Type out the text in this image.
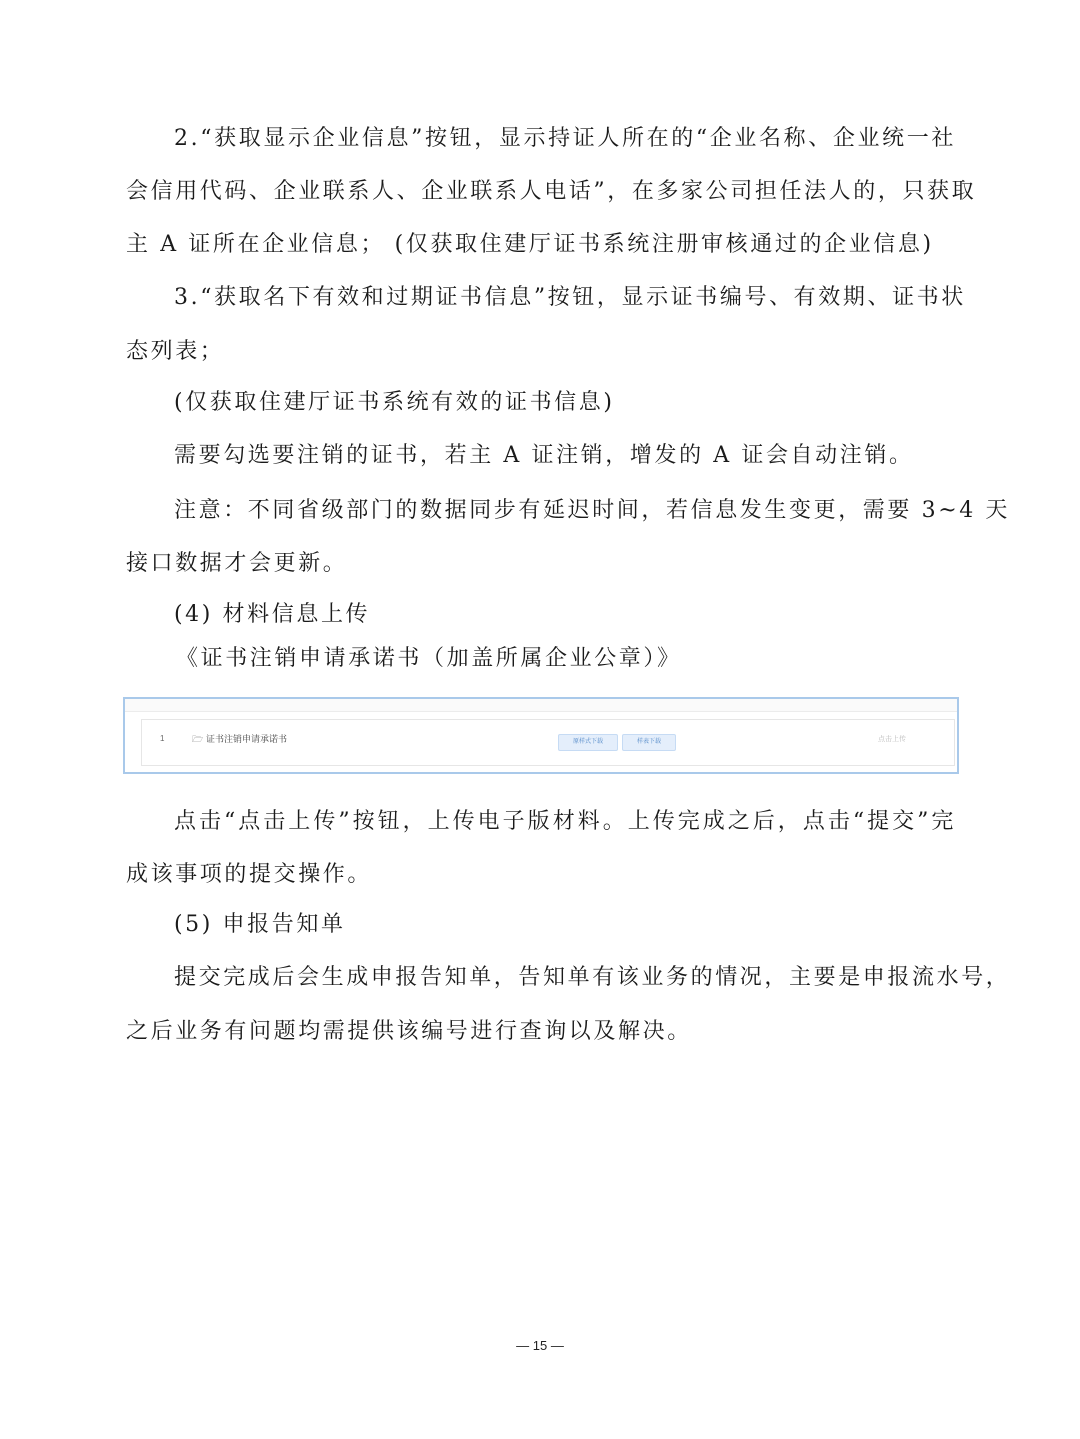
2.“获取显示企业信息”按钮，显示持证人所在的“企业名称、企业统一社
会信用代码、企业联系人、企业联系人电话”，在多家公司担任法人的，只获取
主 A 证所在企业信息； (仅获取住建厅证书系统注册审核通过的企业信息)
3.“获取名下有效和过期证书信息”按钮，显示证书编号、有效期、证书状
态列表；
(仅获取住建厅证书系统有效的证书信息)
需要勾选要注销的证书，若主 A 证注销，增发的 A 证会自动注销。
注意：不同省级部门的数据同步有延迟时间，若信息发生变更，需要 3~4 天
接口数据才会更新。
(4) 材料信息上传
《证书注销申请承诺书（加盖所属企业公章）》
1	🗁 证书注销申请承诺书	原样式下载	样表下载	点击上传
点击“点击上传”按钮，上传电子版材料。上传完成之后，点击“提交”完
成该事项的提交操作。
(5) 申报告知单
提交完成后会生成申报告知单，告知单有该业务的情况，主要是申报流水号，
之后业务有问题均需提供该编号进行查询以及解决。
— 15 —
